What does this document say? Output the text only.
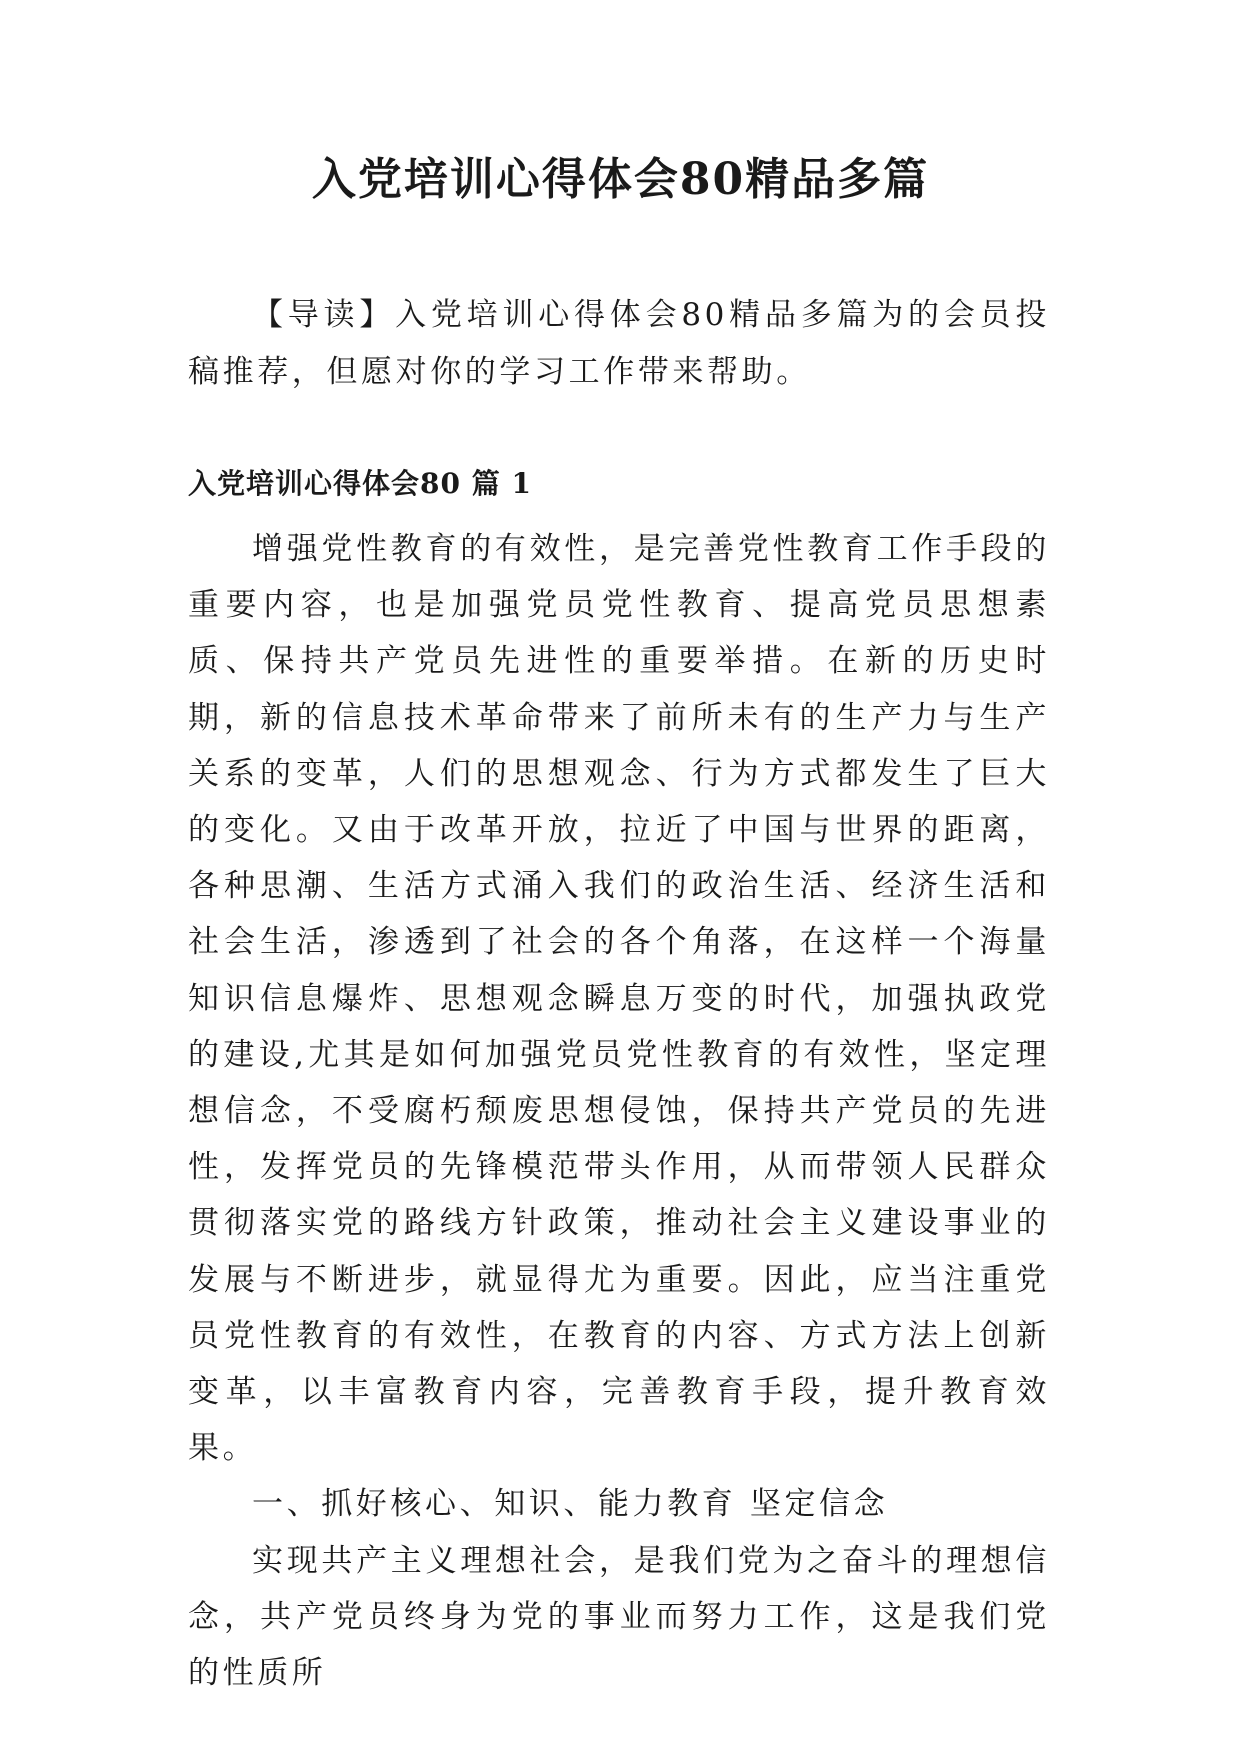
入党培训心得体会80精品多篇

【导读】入党培训心得体会80精品多篇为的会员投稿推荐，但愿对你的学习工作带来帮助。

入党培训心得体会80 篇 1

增强党性教育的有效性，是完善党性教育工作手段的重要内容，也是加强党员党性教育、提高党员思想素质、保持共产党员先进性的重要举措。在新的历史时期，新的信息技术革命带来了前所未有的生产力与生产关系的变革，人们的思想观念、行为方式都发生了巨大的变化。又由于改革开放，拉近了中国与世界的距离，各种思潮、生活方式涌入我们的政治生活、经济生活和社会生活，渗透到了社会的各个角落，在这样一个海量知识信息爆炸、思想观念瞬息万变的时代，加强执政党的建设,尤其是如何加强党员党性教育的有效性，坚定理想信念，不受腐朽颓废思想侵蚀，保持共产党员的先进性，发挥党员的先锋模范带头作用，从而带领人民群众贯彻落实党的路线方针政策，推动社会主义建设事业的发展与不断进步，就显得尤为重要。因此，应当注重党员党性教育的有效性，在教育的内容、方式方法上创新变革，以丰富教育内容，完善教育手段，提升教育效果。

一、抓好核心、知识、能力教育 坚定信念

实现共产主义理想社会，是我们党为之奋斗的理想信念，共产党员终身为党的事业而努力工作，这是我们党的性质所
